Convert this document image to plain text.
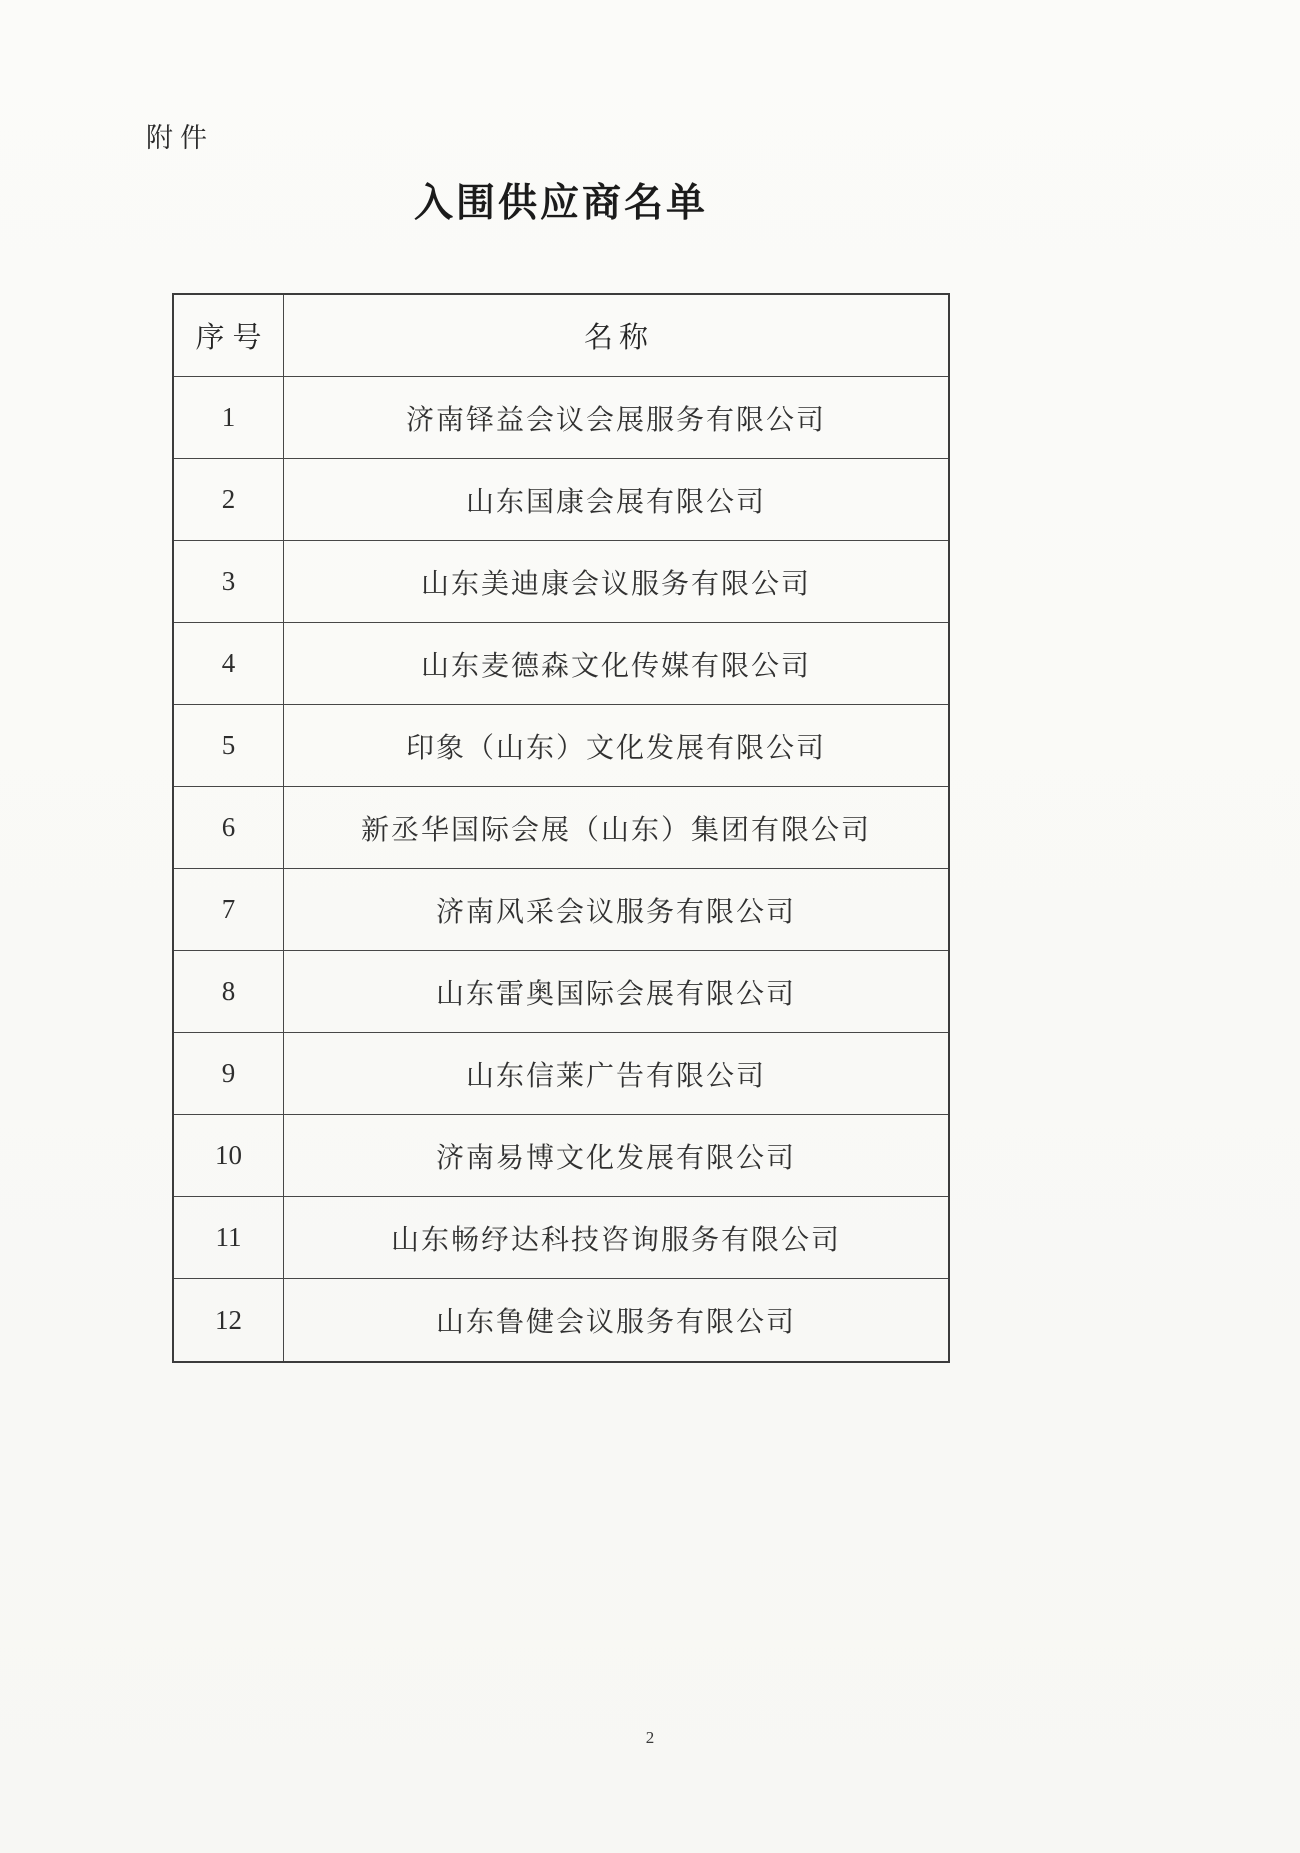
附件
入围供应商名单
序号	名称
1	济南铎益会议会展服务有限公司
2	山东国康会展有限公司
3	山东美迪康会议服务有限公司
4	山东麦德森文化传媒有限公司
5	印象（山东）文化发展有限公司
6	新丞华国际会展（山东）集团有限公司
7	济南风采会议服务有限公司
8	山东雷奥国际会展有限公司
9	山东信莱广告有限公司
10	济南易博文化发展有限公司
11	山东畅纾达科技咨询服务有限公司
12	山东鲁健会议服务有限公司
2
